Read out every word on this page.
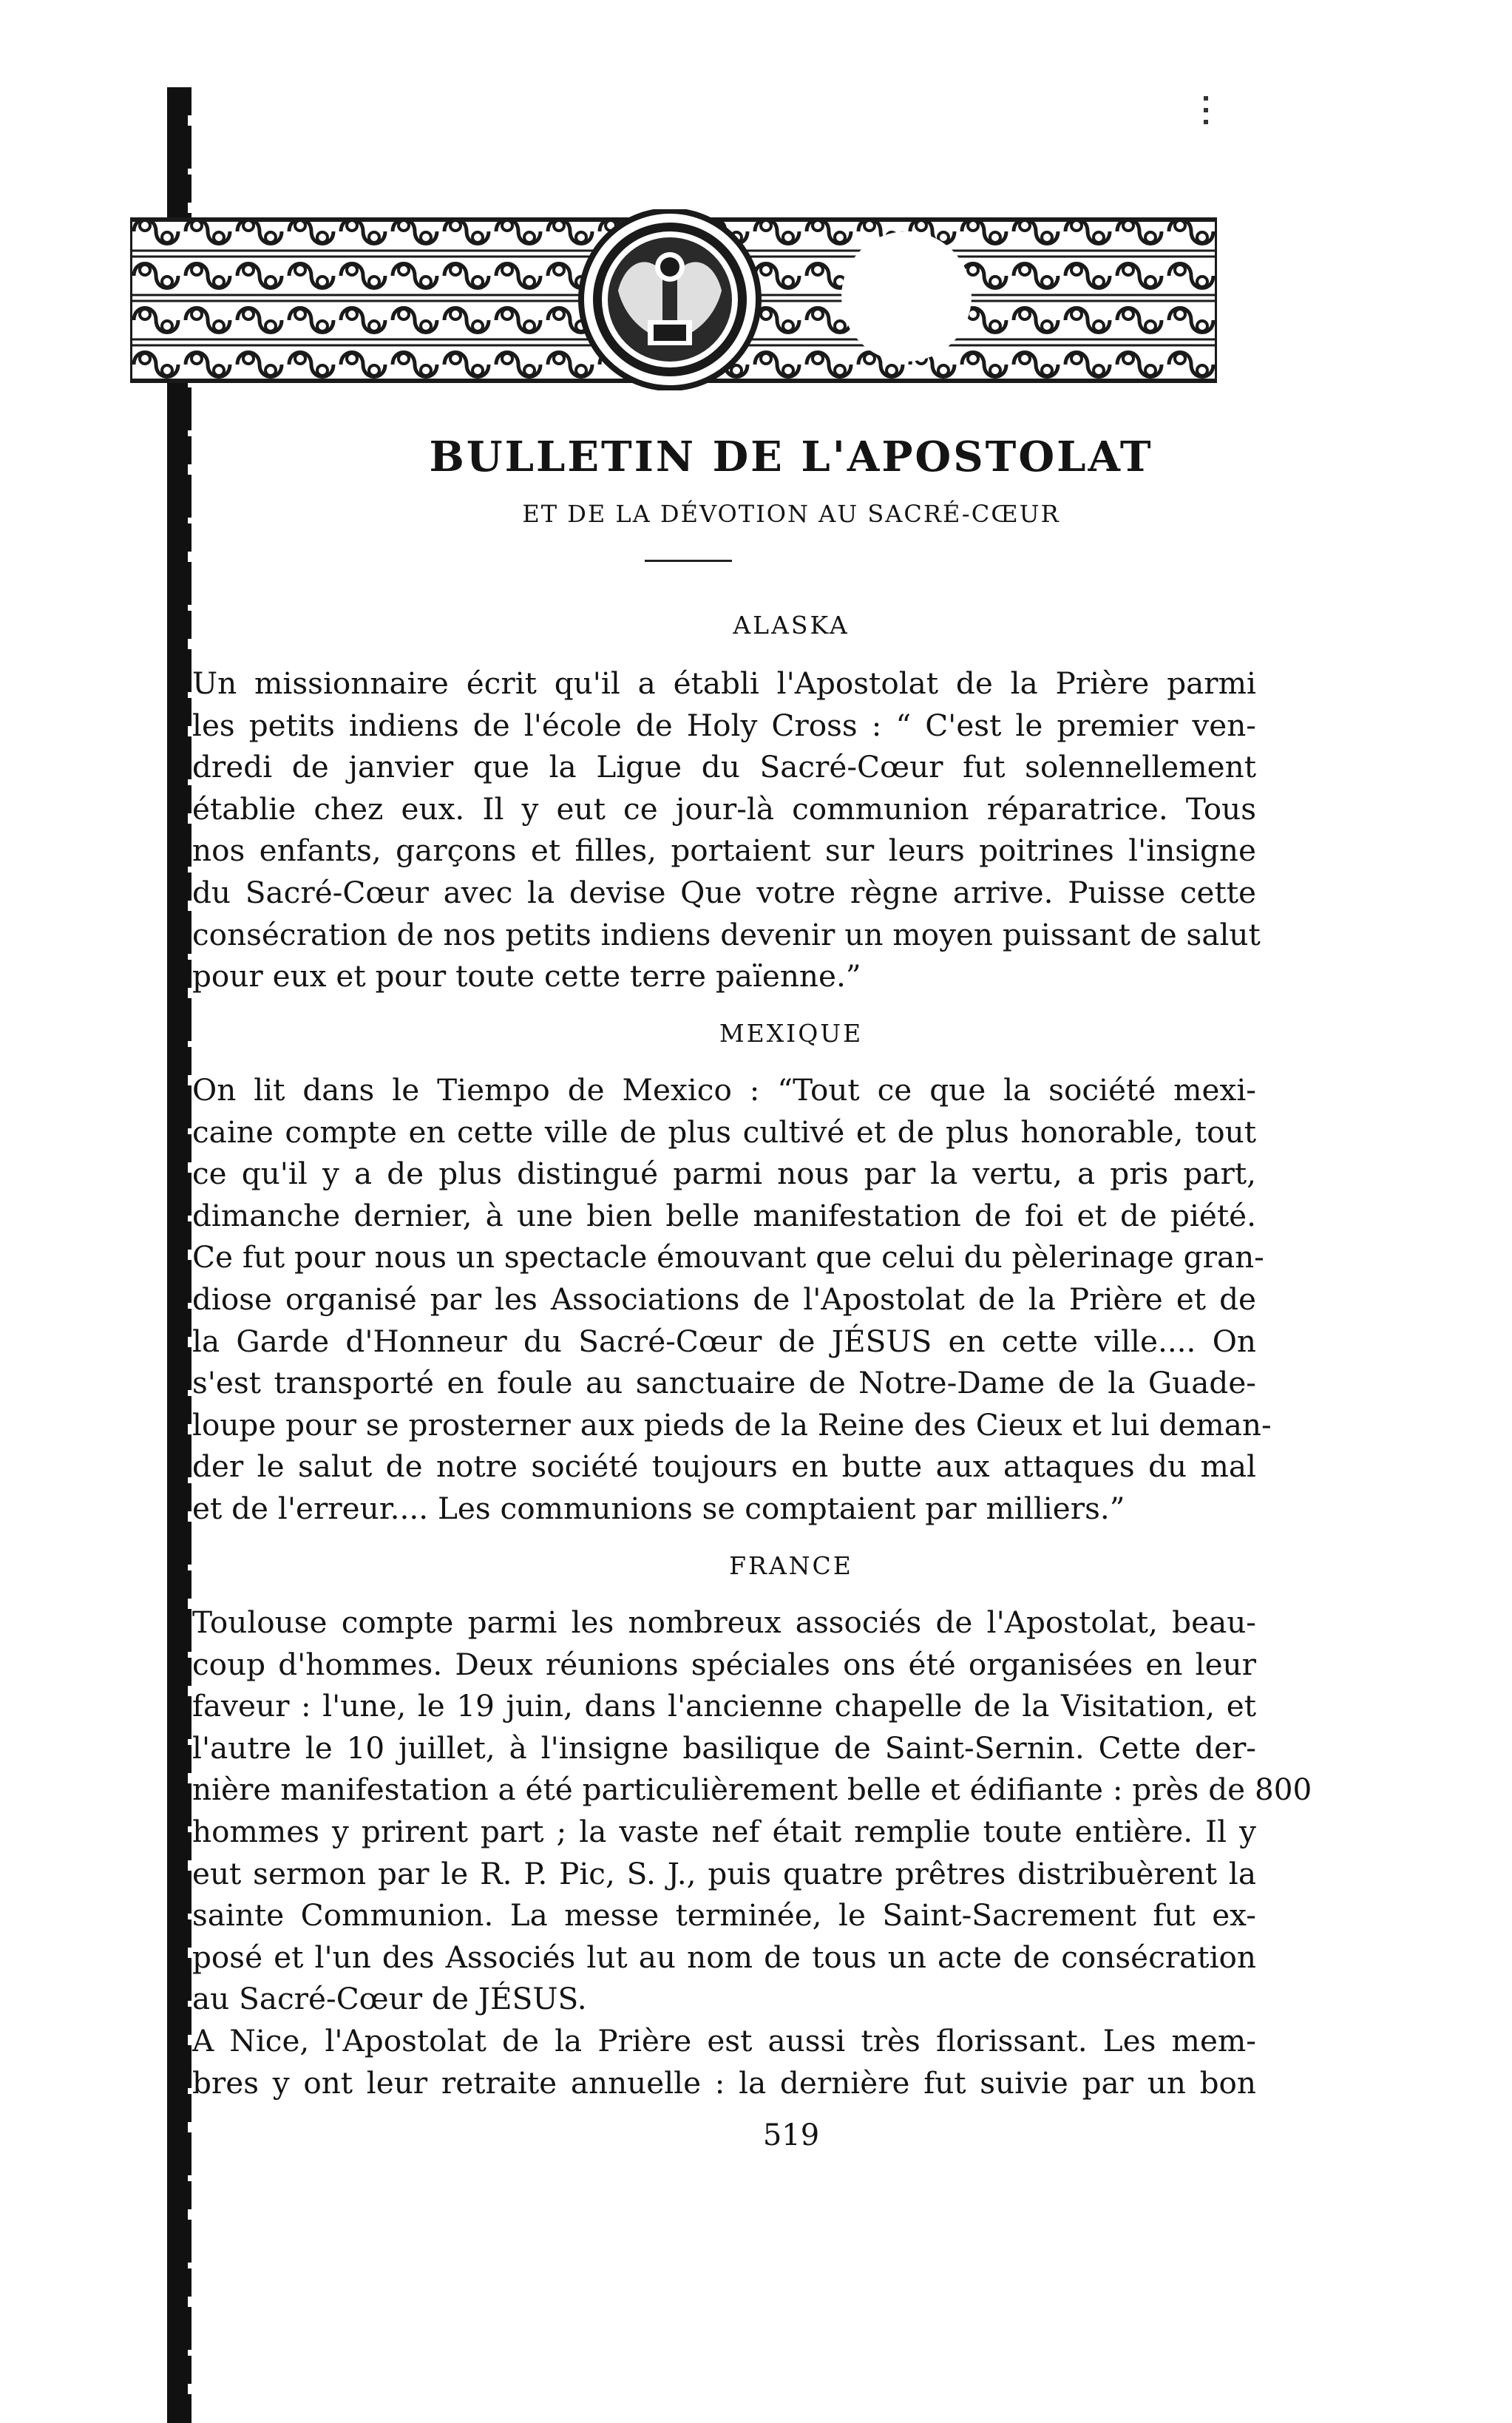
BULLETIN DE L'APOSTOLAT
ET DE LA DÉVOTION AU SACRÉ-CŒUR
ALASKA
Un missionnaire écrit qu'il a établi l'Apostolat de la Prière parmi
les petits indiens de l'école de Holy Cross : “ C'est le premier ven-
dredi de janvier que la Ligue du Sacré-Cœur fut solennellement
établie chez eux. Il y eut ce jour-là communion réparatrice. Tous
nos enfants, garçons et filles, portaient sur leurs poitrines l'insigne
du Sacré-Cœur avec la devise Que votre règne arrive. Puisse cette
consécration de nos petits indiens devenir un moyen puissant de salut
pour eux et pour toute cette terre païenne.”
MEXIQUE
On lit dans le Tiempo de Mexico : “Tout ce que la société mexi-
caine compte en cette ville de plus cultivé et de plus honorable, tout
ce qu'il y a de plus distingué parmi nous par la vertu, a pris part,
dimanche dernier, à une bien belle manifestation de foi et de piété.
Ce fut pour nous un spectacle émouvant que celui du pèlerinage gran-
diose organisé par les Associations de l'Apostolat de la Prière et de
la Garde d'Honneur du Sacré-Cœur de JÉSUS en cette ville.... On
s'est transporté en foule au sanctuaire de Notre-Dame de la Guade-
loupe pour se prosterner aux pieds de la Reine des Cieux et lui deman-
der le salut de notre société toujours en butte aux attaques du mal
et de l'erreur.... Les communions se comptaient par milliers.”
FRANCE
Toulouse compte parmi les nombreux associés de l'Apostolat, beau-
coup d'hommes. Deux réunions spéciales ons été organisées en leur
faveur : l'une, le 19 juin, dans l'ancienne chapelle de la Visitation, et
l'autre le 10 juillet, à l'insigne basilique de Saint-Sernin. Cette der-
nière manifestation a été particulièrement belle et édifiante : près de 800
hommes y prirent part ; la vaste nef était remplie toute entière. Il y
eut sermon par le R. P. Pic, S. J., puis quatre prêtres distribuèrent la
sainte Communion. La messe terminée, le Saint-Sacrement fut ex-
posé et l'un des Associés lut au nom de tous un acte de consécration
au Sacré-Cœur de JÉSUS.
A Nice, l'Apostolat de la Prière est aussi très florissant. Les mem-
bres y ont leur retraite annuelle : la dernière fut suivie par un bon
519
